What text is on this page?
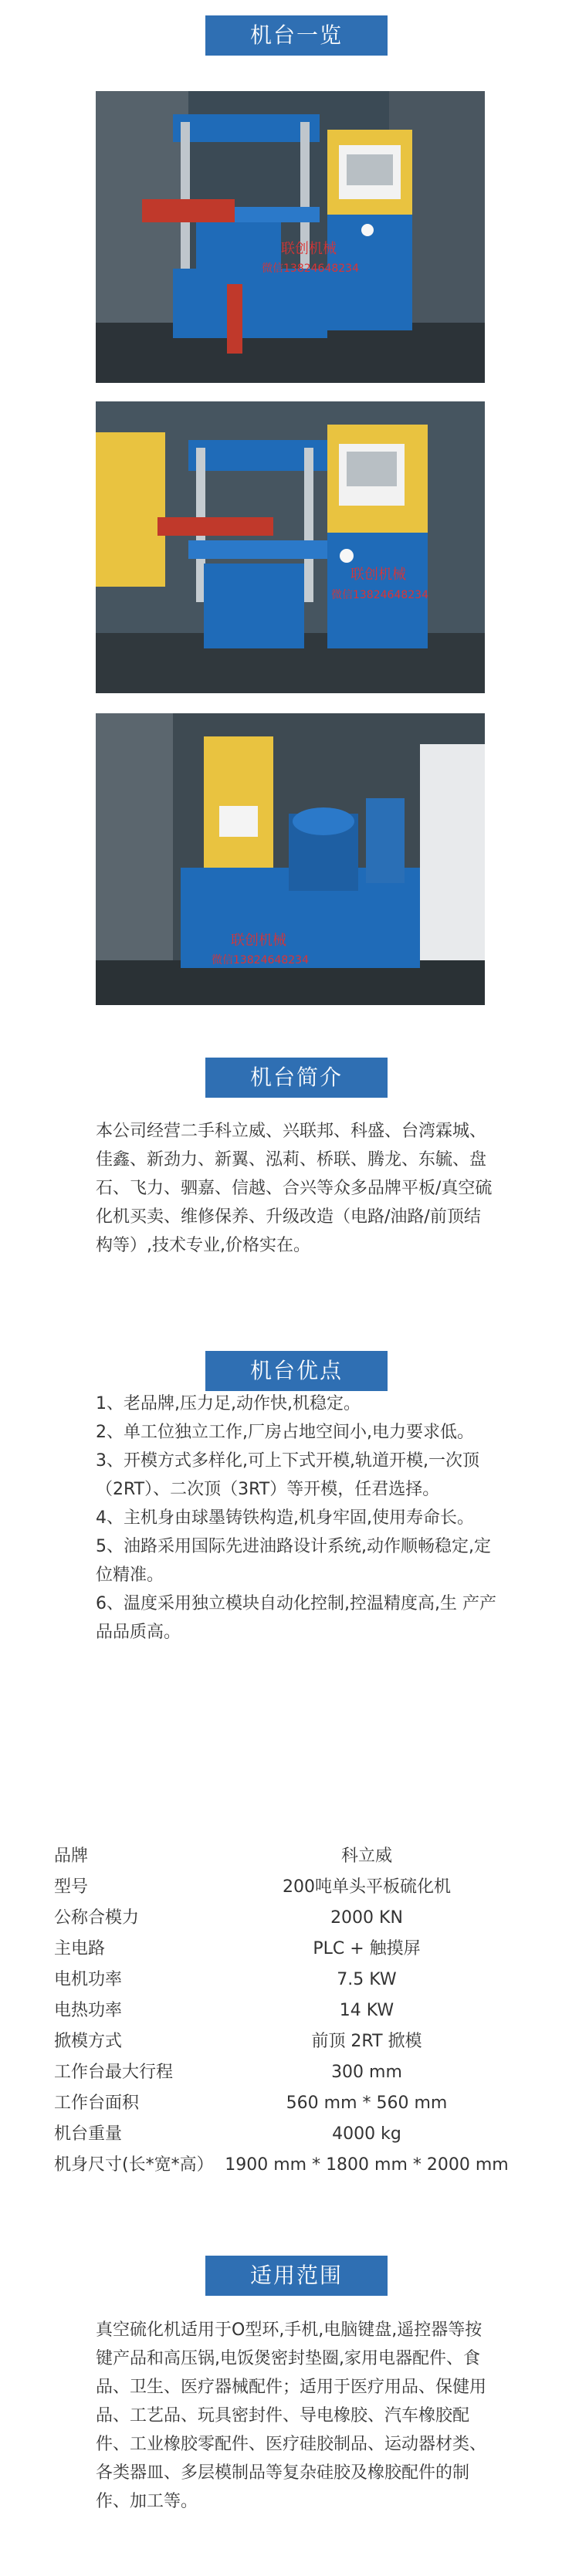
机台一览
联创机械
微信13824648234
联创机械
微信13824648234
联创机械
微信13824648234
机台简介

本公司经营二手科立威、兴联邦、科盛、台湾霖城、佳鑫、新劲力、新翼、泓莉、桥联、腾龙、东毓、盘石、飞力、驷嘉、信越、合兴等众多品牌平板/真空硫化机买卖、维修保养、升级改造（电路/油路/前顶结构等）,技术专业,价格实在。

机台优点

1、老品牌,压力足,动作快,机稳定。

2、单工位独立工作,厂房占地空间小,电力要求低。

3、开模方式多样化,可上下式开模,轨道开模,一次顶（2RT）、二次顶（3RT）等开模，任君选择。

4、主机身由球墨铸铁构造,机身牢固,使用寿命长。

5、油路采用国际先进油路设计系统,动作顺畅稳定,定位精准。

6、温度采用独立模块自动化控制,控温精度高,生 产产品品质高。

品牌	科立威
型号	200吨单头平板硫化机
公称合模力	2000 KN
主电路	PLC + 触摸屏
电机功率	7.5 KW
电热功率	14 KW
掀模方式	前顶 2RT 掀模
工作台最大行程	300 mm
工作台面积	560 mm * 560 mm
机台重量	4000 kg
机身尺寸(长*宽*高） 1900 mm * 1800 mm * 2000 mm
适用范围

真空硫化机适用于O型环,手机,电脑键盘,遥控器等按键产品和高压锅,电饭煲密封垫圈,家用电器配件、食品、卫生、医疗器械配件；适用于医疗用品、保健用品、工艺品、玩具密封件、导电橡胶、汽车橡胶配件、工业橡胶零配件、医疗硅胶制品、运动器材类、各类器皿、多层模制品等复杂硅胶及橡胶配件的制作、加工等。
